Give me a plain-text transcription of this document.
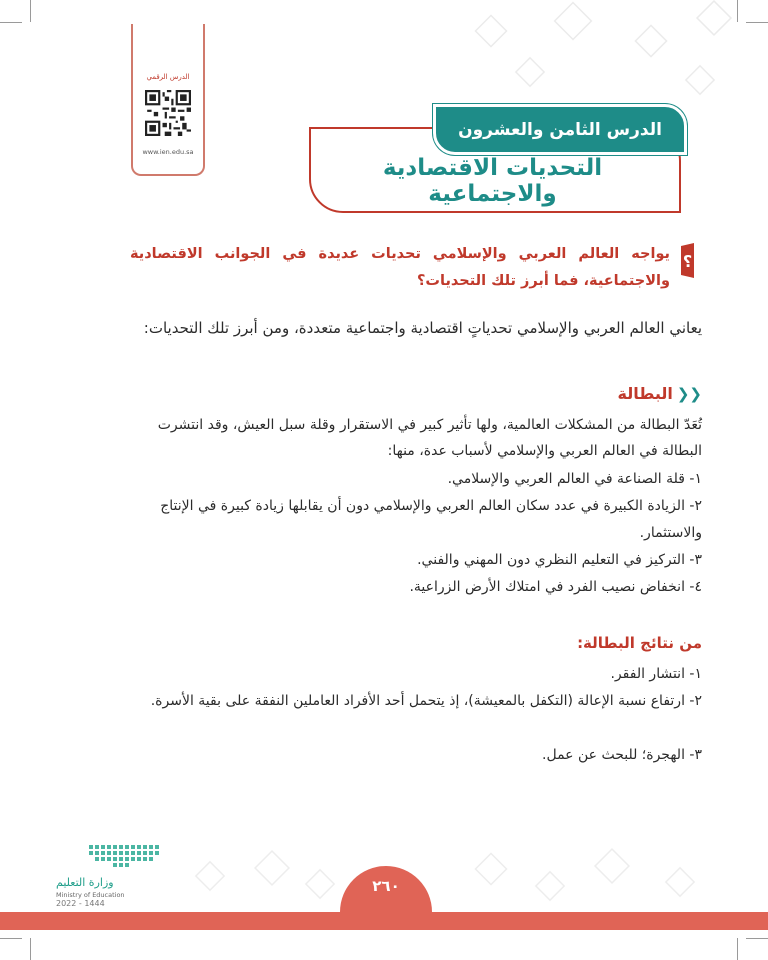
الدرس الرقمي
www.ien.edu.sa
الدرس الثامن والعشرون
التحديات الاقتصادية والاجتماعية
؟
يواجه العالم العربي والإسلامي تحديات عديدة في الجوانب الاقتصادية والاجتماعية، فما أبرز تلك التحديات؟
يعاني العالم العربي والإسلامي تحدياتٍ اقتصادية واجتماعية متعددة، ومن أبرز تلك التحديات:
❮❮البطالة
تُعَدّ البطالة من المشكلات العالمية، ولها تأثير كبير في الاستقرار وقلة سبل العيش، وقد انتشرت البطالة في العالم العربي والإسلامي لأسباب عدة، منها:
١- قلة الصناعة في العالم العربي والإسلامي.
٢- الزيادة الكبيرة في عدد سكان العالم العربي والإسلامي دون أن يقابلها زيادة كبيرة في الإنتاج والاستثمار.
٣- التركيز في التعليم النظري دون المهني والفني.
٤- انخفاض نصيب الفرد في امتلاك الأرض الزراعية.
من نتائج البطالة:
١- انتشار الفقر.
٢- ارتفاع نسبة الإعالة (التكفل بالمعيشة)، إذ يتحمل أحد الأفراد العاملين النفقة على بقية الأسرة.
٣- الهجرة؛ للبحث عن عمل.
وزارة التعليم
Ministry of Education
2022 - 1444
٢٦٠
